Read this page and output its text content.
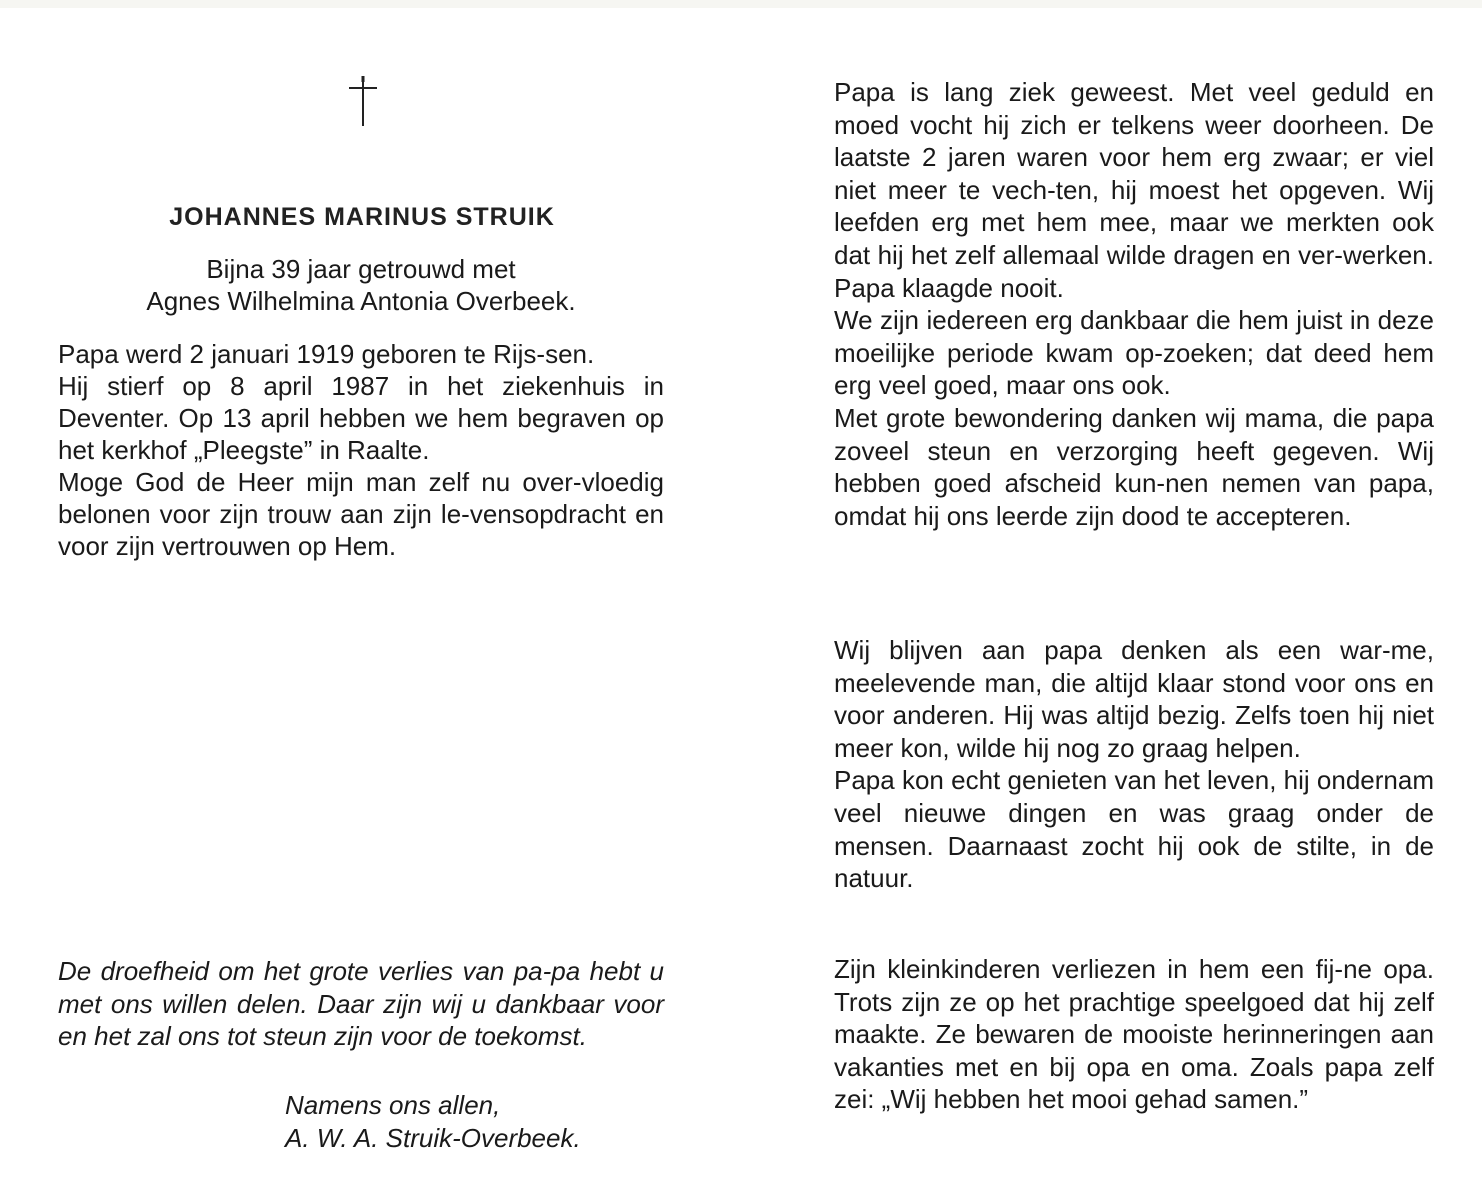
JOHANNES MARINUS STRUIK
Bijna 39 jaar getrouwd met
Agnes Wilhelmina Antonia Overbeek.

Papa werd 2 januari 1919 geboren te Rijs-sen.

Hij stierf op 8 april 1987 in het ziekenhuis in Deventer. Op 13 april hebben we hem begraven op het kerkhof „Pleegste” in Raalte.

Moge God de Heer mijn man zelf nu over-vloedig belonen voor zijn trouw aan zijn le-vensopdracht en voor zijn vertrouwen op Hem.

De droefheid om het grote verlies van pa-pa hebt u met ons willen delen. Daar zijn wij u dankbaar voor en het zal ons tot steun zijn voor de toekomst.

Namens ons allen,
A. W. A. Struik-Overbeek.

Papa is lang ziek geweest. Met veel geduld en moed vocht hij zich er telkens weer doorheen. De laatste 2 jaren waren voor hem erg zwaar; er viel niet meer te vech-ten, hij moest het opgeven. Wij leefden erg met hem mee, maar we merkten ook dat hij het zelf allemaal wilde dragen en ver-werken. Papa klaagde nooit.

We zijn iedereen erg dankbaar die hem juist in deze moeilijke periode kwam op-zoeken; dat deed hem erg veel goed, maar ons ook.

Met grote bewondering danken wij mama, die papa zoveel steun en verzorging heeft gegeven. Wij hebben goed afscheid kun-nen nemen van papa, omdat hij ons leerde zijn dood te accepteren.

Wij blijven aan papa denken als een war-me, meelevende man, die altijd klaar stond voor ons en voor anderen. Hij was altijd bezig. Zelfs toen hij niet meer kon, wilde hij nog zo graag helpen.

Papa kon echt genieten van het leven, hij ondernam veel nieuwe dingen en was graag onder de mensen. Daarnaast zocht hij ook de stilte, in de natuur.

Zijn kleinkinderen verliezen in hem een fij-ne opa. Trots zijn ze op het prachtige speelgoed dat hij zelf maakte. Ze bewaren de mooiste herinneringen aan vakanties met en bij opa en oma. Zoals papa zelf zei: „Wij hebben het mooi gehad samen.”
